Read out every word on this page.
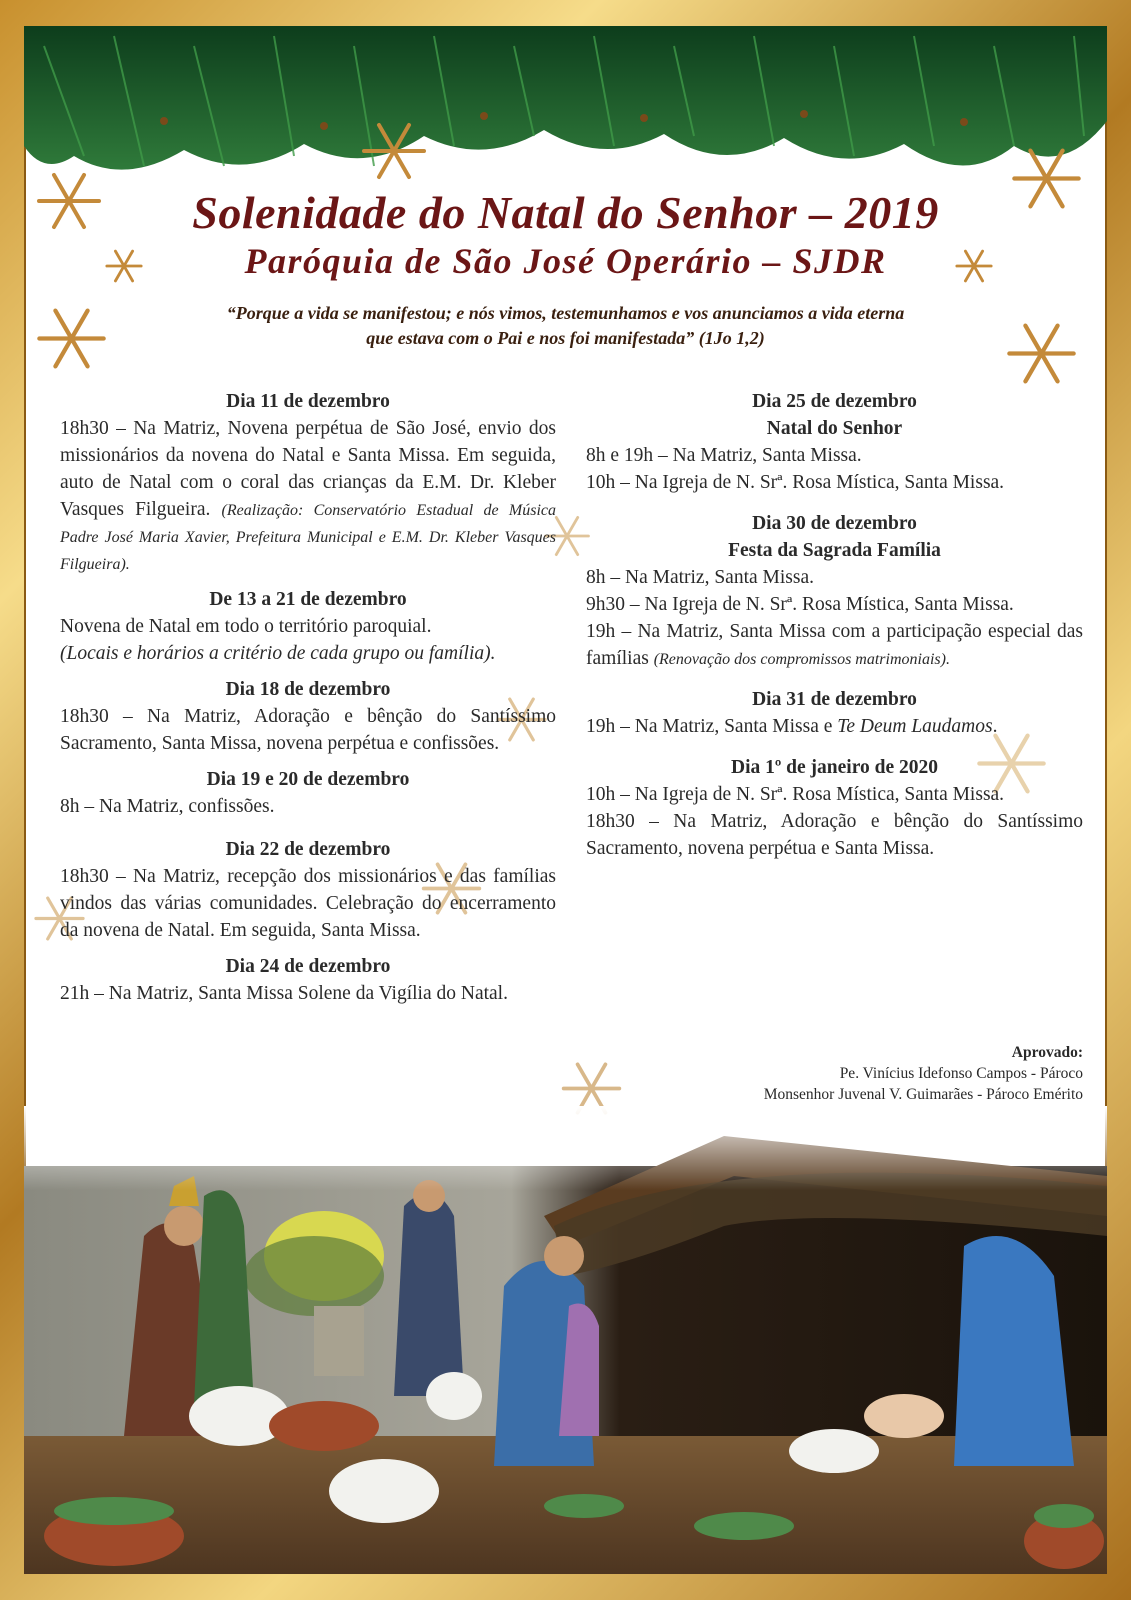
Solenidade do Natal do Senhor – 2019
Paróquia de São José Operário – SJDR
“Porque a vida se manifestou; e nós vimos, testemunhamos e vos anunciamos a vida eterna
que estava com o Pai e nos foi manifestada” (1Jo 1,2)
Dia 11 de dezembro
18h30 – Na Matriz, Novena perpétua de São José, envio dos missionários da novena do Natal e Santa Missa. Em seguida, auto de Natal com o coral das crianças da E.M. Dr. Kleber Vasques Filgueira. (Realização: Conservatório Estadual de Música Padre José Maria Xavier, Prefeitura Municipal e E.M. Dr. Kleber Vasques Filgueira).
De 13 a 21 de dezembro
Novena de Natal em todo o território paroquial.
(Locais e horários a critério de cada grupo ou família).
Dia 18 de dezembro
18h30 – Na Matriz, Adoração e bênção do Santíssimo Sacramento, Santa Missa, novena perpétua e confissões.
Dia 19 e 20 de dezembro
8h – Na Matriz, confissões.
Dia 22 de dezembro
18h30 – Na Matriz, recepção dos missionários e das famílias vindos das várias comunidades. Celebração do encerramento da novena de Natal. Em seguida, Santa Missa.
Dia 24 de dezembro
21h – Na Matriz, Santa Missa Solene da Vigília do Natal.
Dia 25 de dezembro
Natal do Senhor
8h e 19h – Na Matriz, Santa Missa.
10h – Na Igreja de N. Srª. Rosa Mística, Santa Missa.
Dia 30 de dezembro
Festa da Sagrada Família
8h – Na Matriz, Santa Missa.
9h30 – Na Igreja de N. Srª. Rosa Mística, Santa Missa.
19h – Na Matriz, Santa Missa com a participação especial das famílias (Renovação dos compromissos matrimoniais).
Dia 31 de dezembro
19h – Na Matriz, Santa Missa e Te Deum Laudamos.
Dia 1º de janeiro de 2020
10h – Na Igreja de N. Srª. Rosa Mística, Santa Missa.
18h30 – Na Matriz, Adoração e bênção do Santíssimo Sacramento, novena perpétua e Santa Missa.
Aprovado:
Pe. Vinícius Idefonso Campos - Pároco
Monsenhor Juvenal V. Guimarães - Pároco Emérito
